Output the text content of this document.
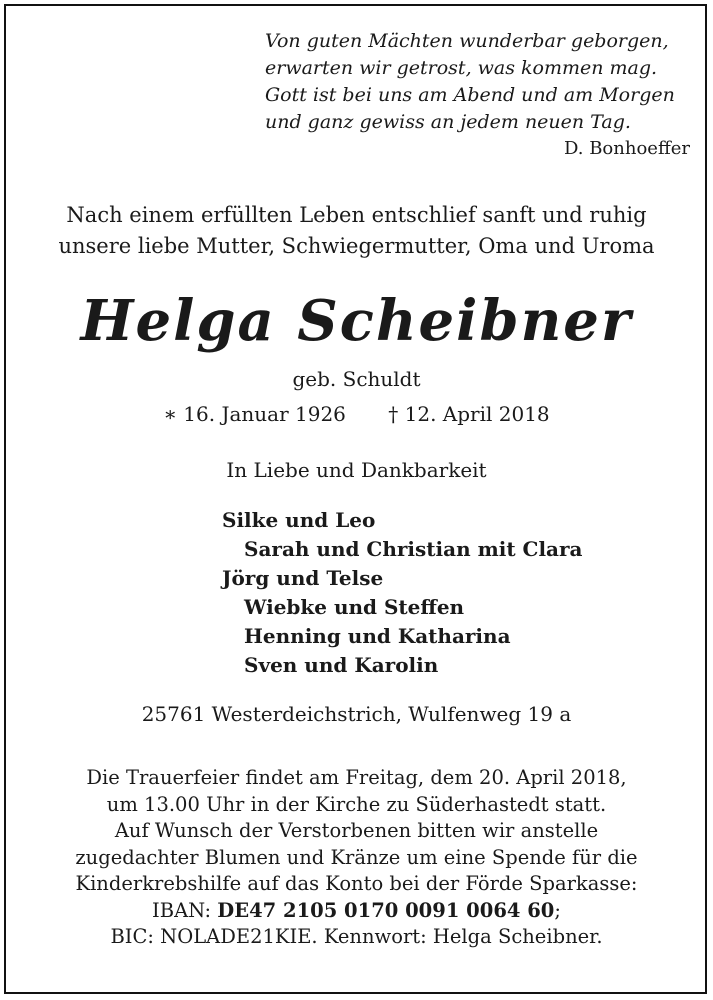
Von guten Mächten wunderbar geborgen,
erwarten wir getrost, was kommen mag.
Gott ist bei uns am Abend und am Morgen
und ganz gewiss an jedem neuen Tag.
D. Bonhoeffer
Nach einem erfüllten Leben entschlief sanft und ruhig
unsere liebe Mutter, Schwiegermutter, Oma und Uroma
Helga Scheibner
geb. Schuldt
∗ 16. Januar 1926 † 12. April 2018
In Liebe und Dankbarkeit
Silke und Leo
Sarah und Christian mit Clara
Jörg und Telse
Wiebke und Steffen
Henning und Katharina
Sven und Karolin
25761 Westerdeichstrich, Wulfenweg 19 a
Die Trauerfeier findet am Freitag, dem 20. April 2018,
um 13.00 Uhr in der Kirche zu Süderhastedt statt.
Auf Wunsch der Verstorbenen bitten wir anstelle
zugedachter Blumen und Kränze um eine Spende für die
Kinderkrebshilfe auf das Konto bei der Förde Sparkasse:
IBAN: DE47 2105 0170 0091 0064 60;
BIC: NOLADE21KIE. Kennwort: Helga Scheibner.
